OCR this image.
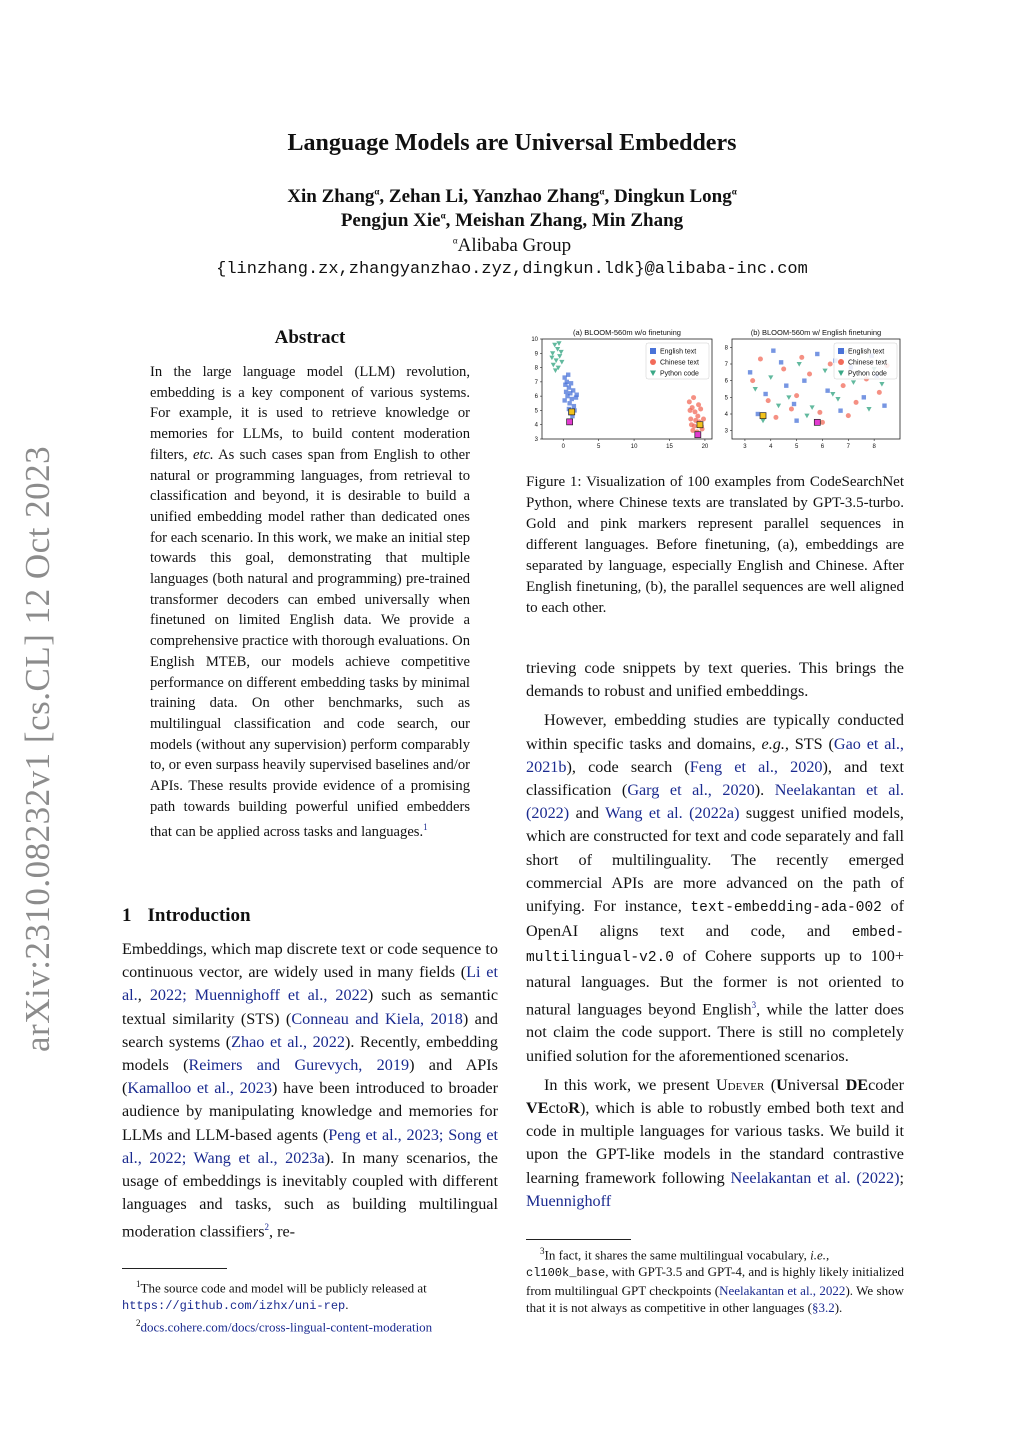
arXiv:2310.08232v1 [cs.CL] 12 Oct 2023
Language Models are Universal Embedders
Xin Zhang$^\alpha$, Zehan Li, Yanzhao Zhang$^\alpha$, Dingkun Long$^\alpha$
Pengjun Xie$^\alpha$, Meishan Zhang, Min Zhang
$^\alpha$Alibaba Group
{linzhang.zx,zhangyanzhao.zyz,dingkun.ldk}@alibaba-inc.com
Abstract
In the large language model (LLM) revolution, embedding is a key component of various systems. For example, it is used to retrieve knowledge or memories for LLMs, to build content moderation filters, etc. As such cases span from English to other natural or programming languages, from retrieval to classification and beyond, it is desirable to build a unified embedding model rather than dedicated ones for each scenario. In this work, we make an initial step towards this goal, demonstrating that multiple languages (both natural and programming) pre-trained transformer decoders can embed universally when finetuned on limited English data. We provide a comprehensive practice with thorough evaluations. On English MTEB, our models achieve competitive performance on different embedding tasks by minimal training data. On other benchmarks, such as multilingual classification and code search, our models (without any supervision) perform comparably to, or even surpass heavily supervised baselines and/or APIs. These results provide evidence of a promising path towards building powerful unified embedders that can be applied across tasks and languages.$^1$
1 Introduction

Embeddings, which map discrete text or code sequence to continuous vector, are widely used in many fields (Li et al., 2022; Muennighoff et al., 2022) such as semantic textual similarity (STS) (Conneau and Kiela, 2018) and search systems (Zhao et al., 2022). Recently, embedding models (Reimers and Gurevych, 2019) and APIs (Kamalloo et al., 2023) have been introduced to broader audience by manipulating knowledge and memories for LLMs and LLM-based agents (Peng et al., 2023; Song et al., 2022; Wang et al., 2023a). In many scenarios, the usage of embeddings is inevitably coupled with different languages and tasks, such as building multilingual moderation classifiers$^2$, re-

$^1$The source code and model will be publicly released at https://github.com/izhx/uni-rep.

$^2$docs.cohere.com/docs/cross-lingual-content-moderation

(a) BLOOM-560m w/o finetuning
0	5	10	15	20
3
4
5
6
7
8
9
10
English text
Chinese text
Python code
(b) BLOOM-560m w/ English finetuning
3	4	5	6	7	8
3
4
5
6
7
8
English text
Chinese text
Python code
Figure 1: Visualization of 100 examples from CodeSearchNet Python, where Chinese texts are translated by GPT-3.5-turbo. Gold and pink markers represent parallel sequences in different languages. Before finetuning, (a), embeddings are separated by language, especially English and Chinese. After English finetuning, (b), the parallel sequences are well aligned to each other.

trieving code snippets by text queries. This brings the demands to robust and unified embeddings.

However, embedding studies are typically conducted within specific tasks and domains, e.g., STS (Gao et al., 2021b), code search (Feng et al., 2020), and text classification (Garg et al., 2020). Neelakantan et al. (2022) and Wang et al. (2022a) suggest unified models, which are constructed for text and code separately and fall short of multilinguality. The recently emerged commercial APIs are more advanced on the path of unifying. For instance, text-embedding-ada-002 of OpenAI aligns text and code, and embed-multilingual-v2.0 of Cohere supports up to 100+ natural languages. But the former is not oriented to natural languages beyond English$^3$, while the latter does not claim the code support. There is still no completely unified solution for the aforementioned scenarios.

In this work, we present Udever (Universal DEcoder VEctoR), which is able to robustly embed both text and code in multiple languages for various tasks. We build it upon the GPT-like models in the standard contrastive learning framework following Neelakantan et al. (2022); Muennighoff

$^3$In fact, it shares the same multilingual vocabulary, i.e.,
cl100k_base, with GPT-3.5 and GPT-4, and is highly likely initialized from multilingual GPT checkpoints (Neelakantan et al., 2022). We show that it is not always as competitive in other languages (§3.2).
